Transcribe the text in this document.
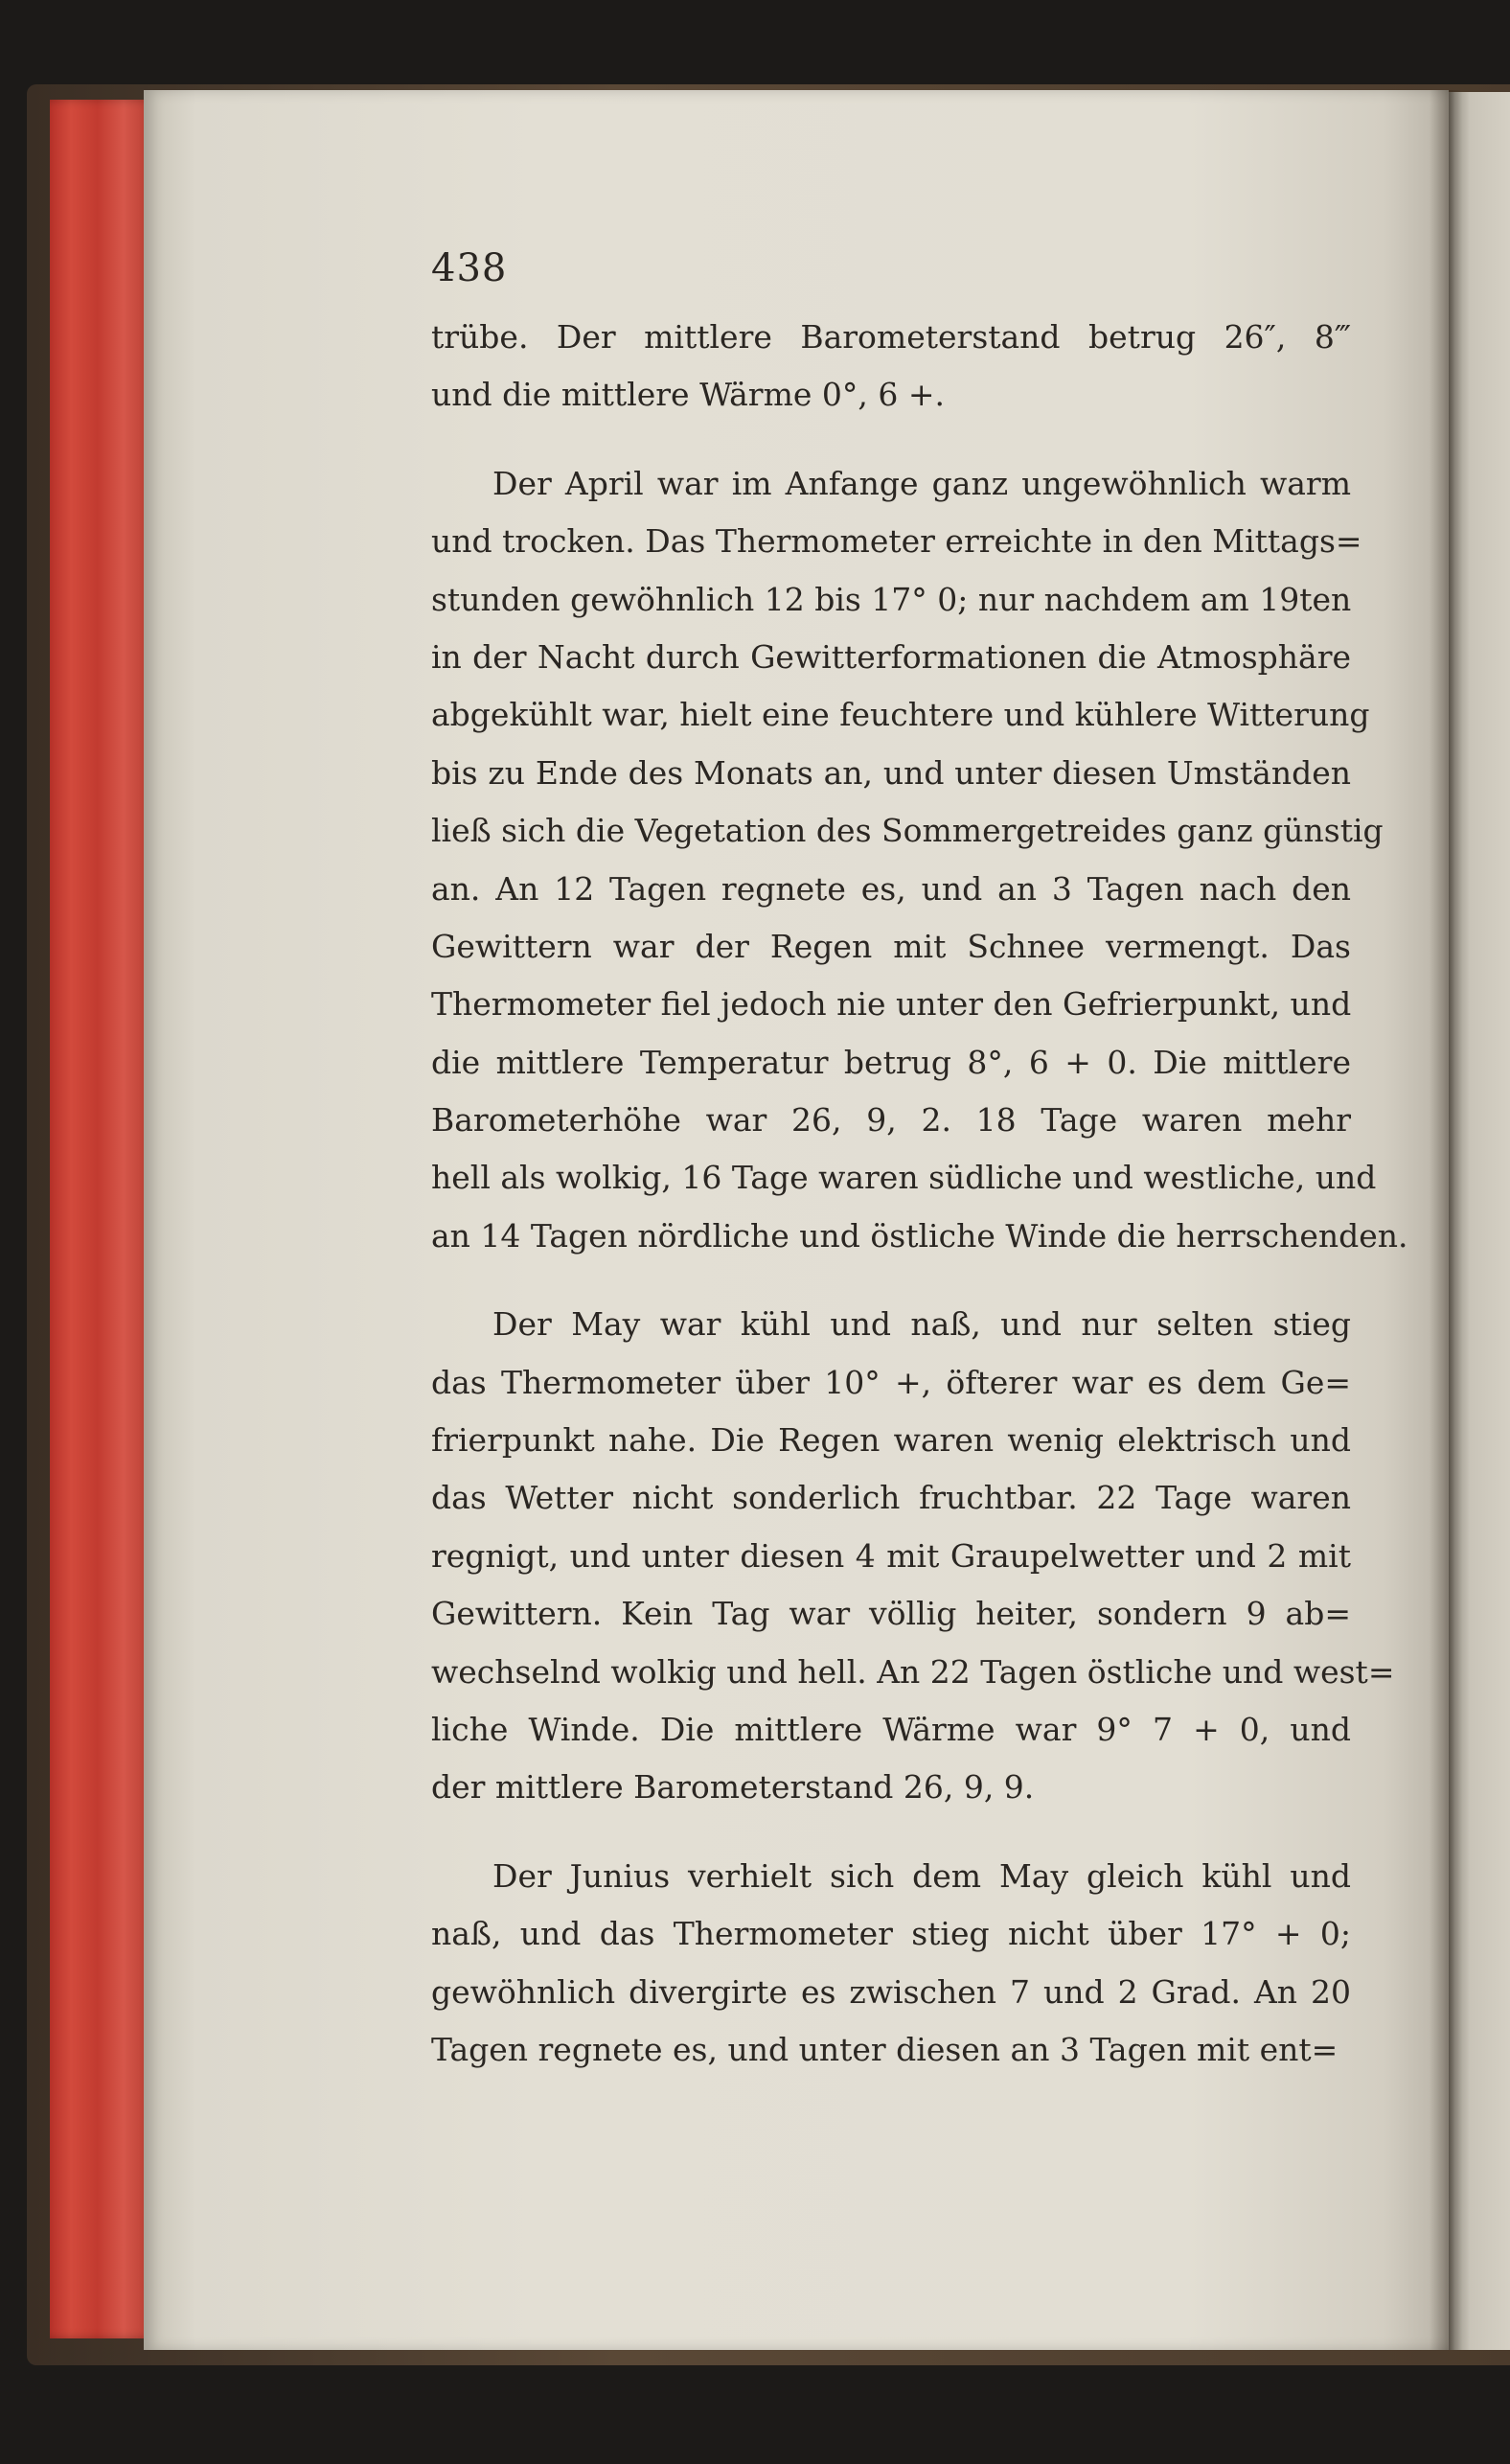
438
trübe. Der mittlere Barometerstand betrug 26″, 8‴
und die mittlere Wärme 0°, 6 +.
Der April war im Anfange ganz ungewöhnlich warm
und trocken. Das Thermometer erreichte in den Mittags=
stunden gewöhnlich 12 bis 17° 0; nur nachdem am 19ten
in der Nacht durch Gewitterformationen die Atmosphäre
abgekühlt war, hielt eine feuchtere und kühlere Witterung
bis zu Ende des Monats an, und unter diesen Umständen
ließ sich die Vegetation des Sommergetreides ganz günstig
an. An 12 Tagen regnete es, und an 3 Tagen nach den
Gewittern war der Regen mit Schnee vermengt. Das
Thermometer fiel jedoch nie unter den Gefrierpunkt, und
die mittlere Temperatur betrug 8°, 6 + 0. Die mittlere
Barometerhöhe war 26, 9, 2. 18 Tage waren mehr
hell als wolkig, 16 Tage waren südliche und westliche, und
an 14 Tagen nördliche und östliche Winde die herrschenden.
Der May war kühl und naß, und nur selten stieg
das Thermometer über 10° +, öfterer war es dem Ge=
frierpunkt nahe. Die Regen waren wenig elektrisch und
das Wetter nicht sonderlich fruchtbar. 22 Tage waren
regnigt, und unter diesen 4 mit Graupelwetter und 2 mit
Gewittern. Kein Tag war völlig heiter, sondern 9 ab=
wechselnd wolkig und hell. An 22 Tagen östliche und west=
liche Winde. Die mittlere Wärme war 9° 7 + 0, und
der mittlere Barometerstand 26, 9, 9.
Der Junius verhielt sich dem May gleich kühl und
naß, und das Thermometer stieg nicht über 17° + 0;
gewöhnlich divergirte es zwischen 7 und 2 Grad. An 20
Tagen regnete es, und unter diesen an 3 Tagen mit ent=
